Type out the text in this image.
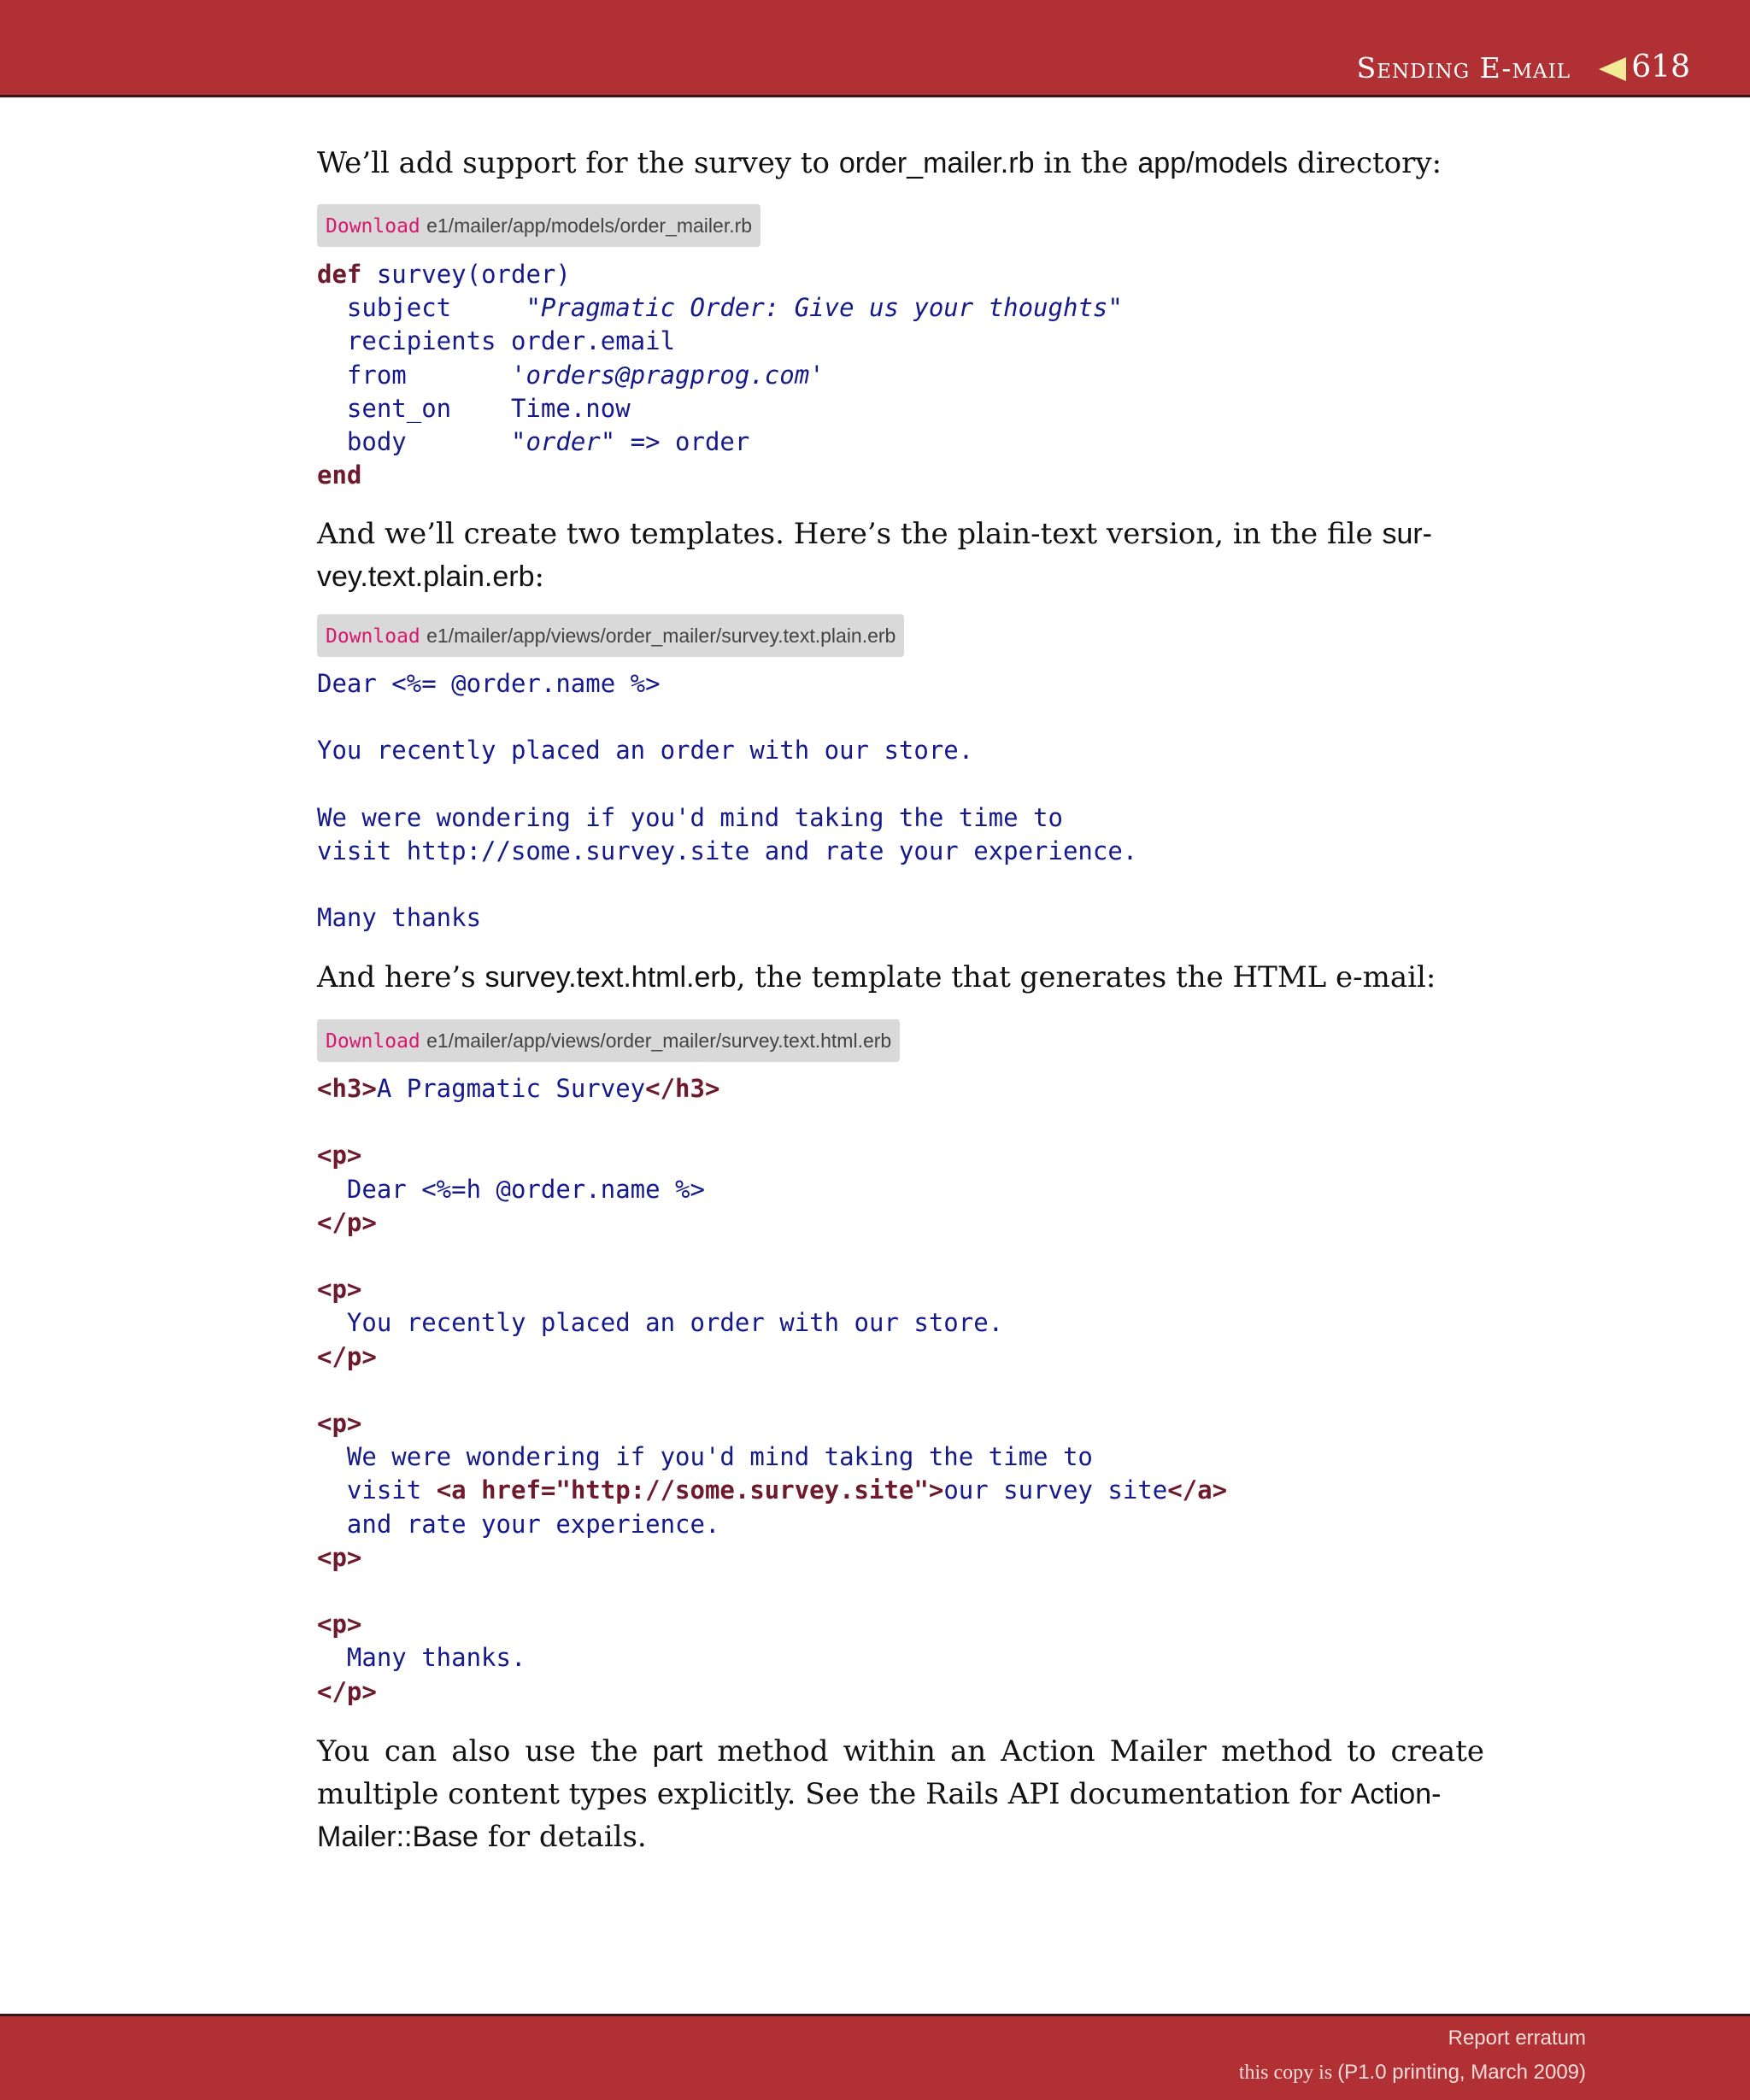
Sending E-mail 618

We’ll add support for the survey to order_mailer.rb in the app/models directory:

Download e1/mailer/app/models/order_mailer.rb
def survey(order)
subject     "Pragmatic Order: Give us your thoughts"
recipients order.email
from       'orders@pragprog.com'
sent_on    Time.now
body       "order" => order
end

And we’ll create two templates. Here’s the plain-text version, in the file sur-
vey.text.plain.erb:

Download e1/mailer/app/views/order_mailer/survey.text.plain.erb
Dear <%= @order.name %>

You recently placed an order with our store.

We were wondering if you'd mind taking the time to
visit http://some.survey.site and rate your experience.

Many thanks

And here’s survey.text.html.erb, the template that generates the HTML e-mail:

Download e1/mailer/app/views/order_mailer/survey.text.html.erb
<h3>A Pragmatic Survey</h3>

<p>
Dear <%=h @order.name %>
</p>

<p>
You recently placed an order with our store.
</p>

<p>
We were wondering if you'd mind taking the time to
visit <a href="http://some.survey.site">our survey site</a>
and rate your experience.
<p>

<p>
Many thanks.
</p>

You can also use the part method within an Action Mailer method to create multiple content types explicitly. See the Rails API documentation for Action-
Mailer::Base for details.

Report erratum
this copy is (P1.0 printing, March 2009)
